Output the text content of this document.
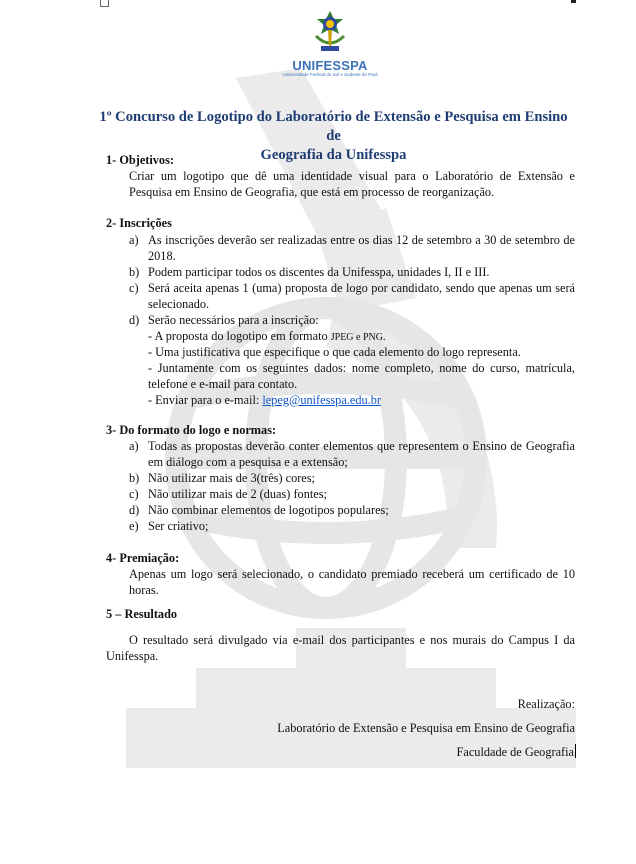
UNIFESSPA
Universidade Federal do Sul e Sudeste do Pará
1º Concurso de Logotipo do Laboratório de Extensão e Pesquisa em Ensino de
Geografia da Unifesspa
1- Objetivos:
Criar um logotipo que dê uma identidade visual para o Laboratório de Extensão e Pesquisa em Ensino de Geografia, que está em processo de reorganização.
2- Inscrições
a) As inscrições deverão ser realizadas entre os dias 12 de setembro a 30 de setembro de 2018.
b) Podem participar todos os discentes da Unifesspa, unidades I, II e III.
c) Será aceita apenas 1 (uma) proposta de logo por candidato, sendo que apenas um será selecionado.
d) Serão necessários para a inscrição:
- A proposta do logotipo em formato JPEG e PNG.
- Uma justificativa que especifique o que cada elemento do logo representa.
- Juntamente com os seguintes dados: nome completo, nome do curso, matrícula, telefone e e-mail para contato.
- Enviar para o e-mail: lepeg@unifesspa.edu.br
3- Do formato do logo e normas:
a) Todas as propostas deverão conter elementos que representem o Ensino de Geografia em diálogo com a pesquisa e a extensão;
b) Não utilizar mais de 3(três) cores;
c) Não utilizar mais de 2 (duas) fontes;
d) Não combinar elementos de logotipos populares;
e) Ser criativo;
4- Premiação:
Apenas um logo será selecionado, o candidato premiado receberá um certificado de 10 horas.
5 – Resultado
O resultado será divulgado via e-mail dos participantes e nos murais do Campus I da Unifesspa.
Realização:
Laboratório de Extensão e Pesquisa em Ensino de Geografia
Faculdade de Geografia
